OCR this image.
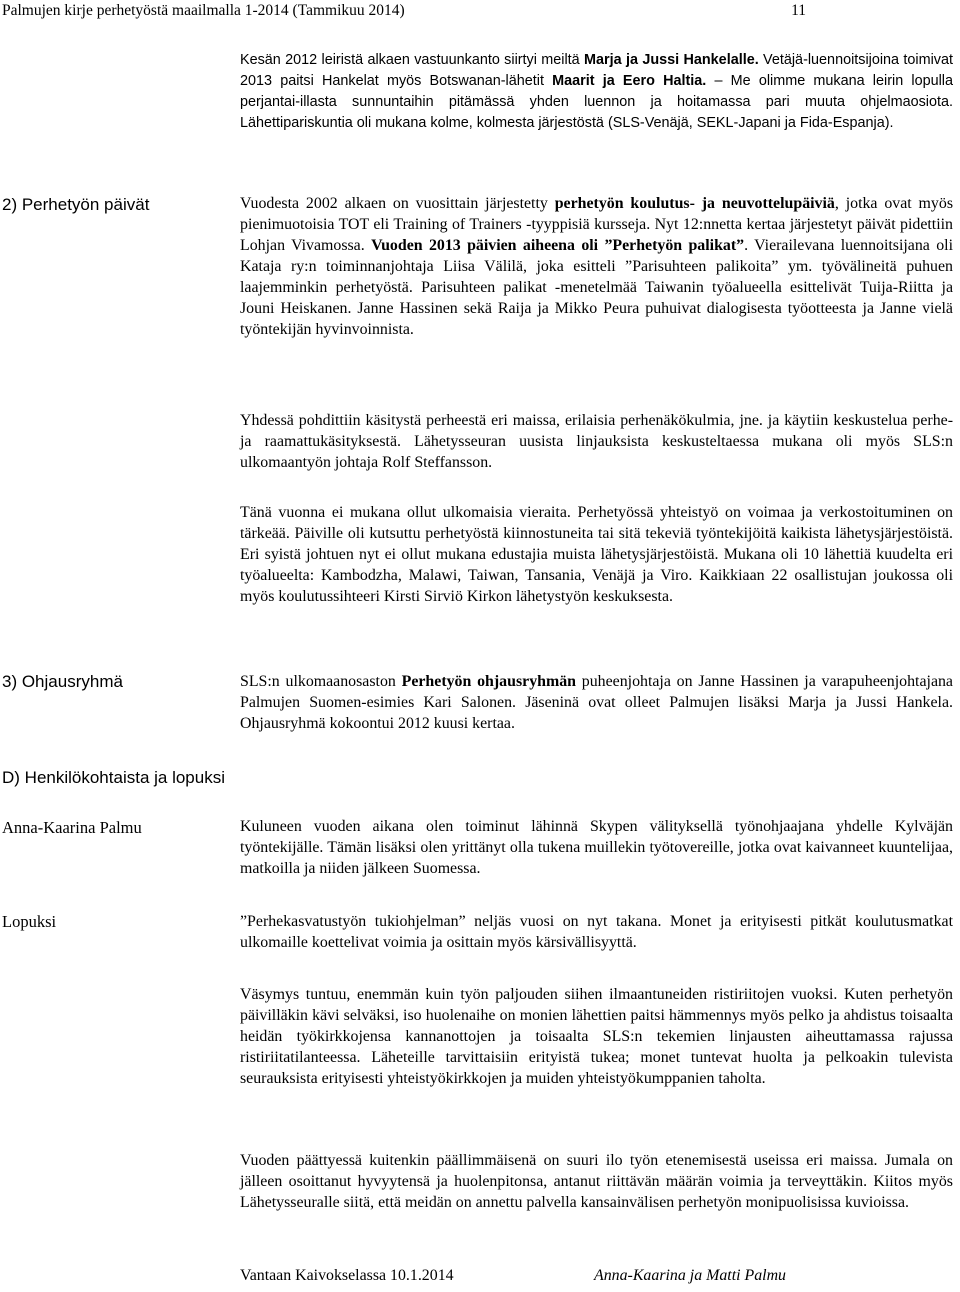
Palmujen kirje perhetyöstä maailmalla 1-2014 (Tammikuu 2014)	11
Kesän 2012 leiristä alkaen vastuunkanto siirtyi meiltä Marja ja Jussi Hankelalle. Vetäjä-luennoitsijoina toimivat 2013 paitsi Hankelat myös Botswanan-lähetit Maarit ja Eero Haltia. – Me olimme mukana leirin lopulla perjantai-illasta sunnuntaihin pitämässä yhden luennon ja hoitamassa pari muuta ohjelmaosiota. Lähettipariskuntia oli mukana kolme, kolmesta järjestöstä (SLS-Venäjä, SEKL-Japani ja Fida-Espanja).
2) Perhetyön päivät	Vuodesta 2002 alkaen on vuosittain järjestetty perhetyön koulutus- ja neuvottelupäiviä, jotka ovat myös pienimuotoisia TOT eli Training of Trainers -tyyppisiä kursseja. Nyt 12:nnetta kertaa järjestetyt päivät pidettiin Lohjan Vivamossa. Vuoden 2013 päivien aiheena oli ”Perhetyön palikat”. Vierailevana luennoitsijana oli Kataja ry:n toiminnanjohtaja Liisa Välilä, joka esitteli ”Parisuhteen palikoita” ym. työvälineitä puhuen laajemminkin perhetyöstä. Parisuhteen palikat -menetelmää Taiwanin työalueella esittelivät Tuija-Riitta ja Jouni Heiskanen. Janne Hassinen sekä Raija ja Mikko Peura puhuivat dialogisesta työotteesta ja Janne vielä työntekijän hyvinvoinnista.
Yhdessä pohdittiin käsitystä perheestä eri maissa, erilaisia perhenäkökulmia, jne. ja käytiin keskustelua perhe- ja raamattukäsityksestä. Lähetysseuran uusista linjauksista keskusteltaessa mukana oli myös SLS:n ulkomaantyön johtaja Rolf Steffansson.
Tänä vuonna ei mukana ollut ulkomaisia vieraita. Perhetyössä yhteistyö on voimaa ja verkostoituminen on tärkeää. Päiville oli kutsuttu perhetyöstä kiinnostuneita tai sitä tekeviä työntekijöitä kaikista lähetysjärjestöistä. Eri syistä johtuen nyt ei ollut mukana edustajia muista lähetysjärjestöistä. Mukana oli 10 lähettiä kuudelta eri työalueelta: Kambodzha, Malawi, Taiwan, Tansania, Venäjä ja Viro. Kaikkiaan 22 osallistujan joukossa oli myös koulutussihteeri Kirsti Sirviö Kirkon lähetystyön keskuksesta.
3) Ohjausryhmä	SLS:n ulkomaanosaston Perhetyön ohjausryhmän puheenjohtaja on Janne Hassinen ja varapuheenjohtajana Palmujen Suomen-esimies Kari Salonen. Jäseninä ovat olleet Palmujen lisäksi Marja ja Jussi Hankela. Ohjausryhmä kokoontui 2012 kuusi kertaa.
D) Henkilökohtaista ja lopuksi
Anna-Kaarina Palmu	Kuluneen vuoden aikana olen toiminut lähinnä Skypen välityksellä työnohjaajana yhdelle Kylväjän työntekijälle. Tämän lisäksi olen yrittänyt olla tukena muillekin työtovereille, jotka ovat kaivanneet kuuntelijaa, matkoilla ja niiden jälkeen Suomessa.
Lopuksi	”Perhekasvatustyön tukiohjelman” neljäs vuosi on nyt takana. Monet ja erityisesti pitkät koulutusmatkat ulkomaille koettelivat voimia ja osittain myös kärsivällisyyttä.
Väsymys tuntuu, enemmän kuin työn paljouden siihen ilmaantuneiden ristiriitojen vuoksi. Kuten perhetyön päivilläkin kävi selväksi, iso huolenaihe on monien lähettien paitsi hämmennys myös pelko ja ahdistus toisaalta heidän työkirkkojensa kannanottojen ja toisaalta SLS:n tekemien linjausten aiheuttamassa rajussa ristiriitatilanteessa. Läheteille tarvittaisiin erityistä tukea; monet tuntevat huolta ja pelkoakin tulevista seurauksista erityisesti yhteistyökirkkojen ja muiden yhteistyökumppanien taholta.
Vuoden päättyessä kuitenkin päällimmäisenä on suuri ilo työn etenemisestä useissa eri maissa. Jumala on jälleen osoittanut hyvyytensä ja huolenpitonsa, antanut riittävän määrän voimia ja terveyttäkin. Kiitos myös Lähetysseuralle siitä, että meidän on annettu palvella kansainvälisen perhetyön monipuolisissa kuvioissa.
Vantaan Kaivokselassa 10.1.2014	Anna-Kaarina ja Matti Palmu
